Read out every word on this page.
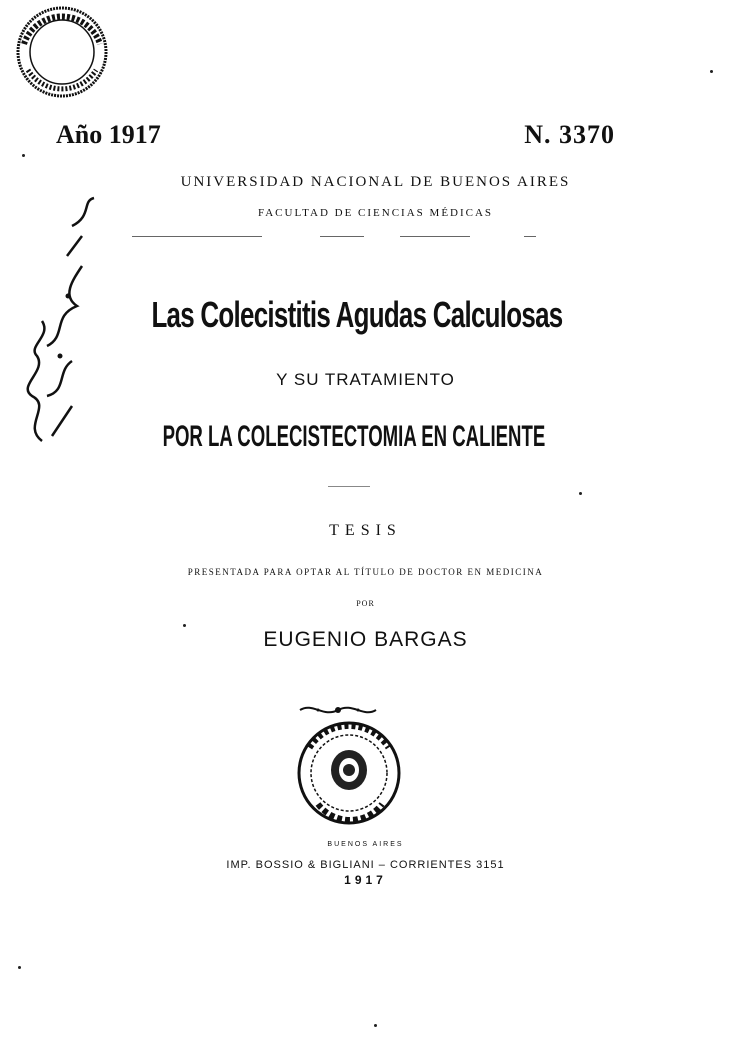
Año 1917	N. 3370
UNIVERSIDAD NACIONAL DE BUENOS AIRES
FACULTAD DE CIENCIAS MÉDICAS
Las Colecistitis Agudas Calculosas
Y SU TRATAMIENTO
POR LA COLECISTECTOMIA EN CALIENTE
TESIS
PRESENTADA PARA OPTAR AL TÍTULO DE DOCTOR EN MEDICINA
POR
EUGENIO BARGAS
BUENOS AIRES
IMP. BOSSIO & BIGLIANI – CORRIENTES 3151
1917
